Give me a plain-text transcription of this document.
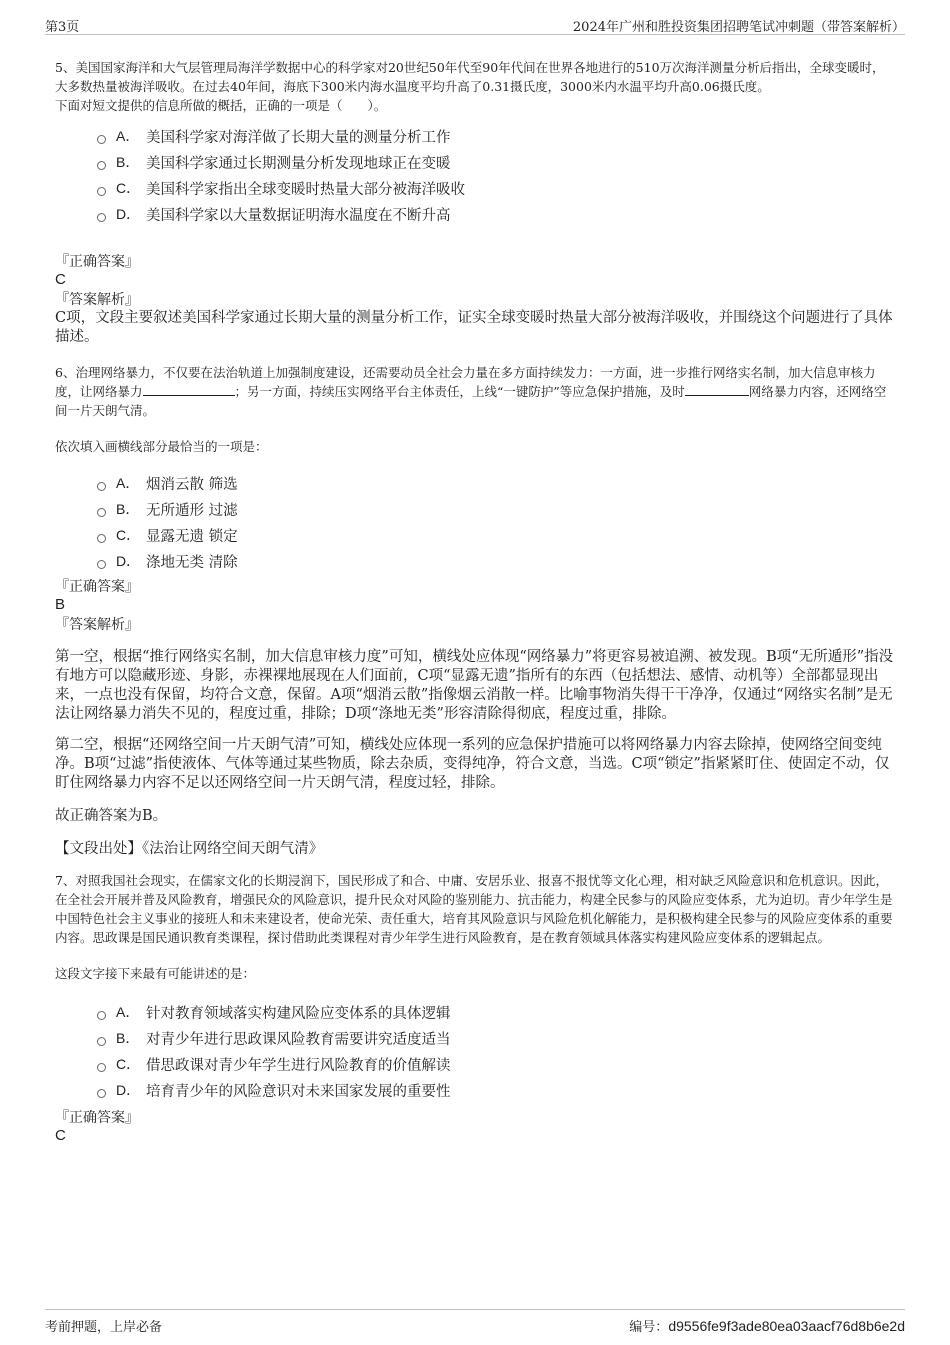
第3页	2024年广州和胜投资集团招聘笔试冲刺题（带答案解析）

5、美国国家海洋和大气层管理局海洋学数据中心的科学家对20世纪50年代至90年代间在世界各地进行的510万次海洋测量分析后指出，全球变暖时，大多数热量被海洋吸收。在过去40年间，海底下300米内海水温度平均升高了0.31摄氏度，3000米内水温平均升高0.06摄氏度。

下面对短文提供的信息所做的概括，正确的一项是（　　）。

A． 美国科学家对海洋做了长期大量的测量分析工作
B． 美国科学家通过长期测量分析发现地球正在变暖
C． 美国科学家指出全球变暖时热量大部分被海洋吸收
D． 美国科学家以大量数据证明海水温度在不断升高
『正确答案』
C
『答案解析』

C项，文段主要叙述美国科学家通过长期大量的测量分析工作，证实全球变暖时热量大部分被海洋吸收，并围绕这个问题进行了具体描述。

6、治理网络暴力，不仅要在法治轨道上加强制度建设，还需要动员全社会力量在多方面持续发力：一方面，进一步推行网络实名制，加大信息审核力度，让网络暴力	；另一方面，持续压实网络平台主体责任，上线“一键防护”等应急保护措施，及时	网络暴力内容，还网络空间一片天朗气清。

依次填入画横线部分最恰当的一项是：

A． 烟消云散 筛选
B． 无所遁形 过滤
C． 显露无遗 锁定
D． 涤地无类 清除
『正确答案』
B
『答案解析』

第一空，根据“推行网络实名制，加大信息审核力度”可知，横线处应体现“网络暴力”将更容易被追溯、被发现。B项“无所遁形”指没有地方可以隐藏形迹、身影，赤裸裸地展现在人们面前，C项“显露无遗”指所有的东西（包括想法、感情、动机等）全部都显现出来，一点也没有保留，均符合文意，保留。A项“烟消云散”指像烟云消散一样。比喻事物消失得干干净净，仅通过“网络实名制”是无法让网络暴力消失不见的，程度过重，排除；D项“涤地无类”形容清除得彻底，程度过重，排除。

第二空，根据“还网络空间一片天朗气清”可知，横线处应体现一系列的应急保护措施可以将网络暴力内容去除掉，使网络空间变纯净。B项“过滤”指使液体、气体等通过某些物质，除去杂质，变得纯净，符合文意，当选。C项“锁定”指紧紧盯住、使固定不动，仅盯住网络暴力内容不足以还网络空间一片天朗气清，程度过轻，排除。

故正确答案为B。

【文段出处】《法治让网络空间天朗气清》

7、对照我国社会现实，在儒家文化的长期浸润下，国民形成了和合、中庸、安居乐业、报喜不报忧等文化心理，相对缺乏风险意识和危机意识。因此，在全社会开展并普及风险教育，增强民众的风险意识，提升民众对风险的鉴别能力、抗击能力，构建全民参与的风险应变体系，尤为迫切。青少年学生是中国特色社会主义事业的接班人和未来建设者，使命光荣、责任重大，培育其风险意识与风险危机化解能力，是积极构建全民参与的风险应变体系的重要内容。思政课是国民通识教育类课程，探讨借助此类课程对青少年学生进行风险教育，是在教育领域具体落实构建风险应变体系的逻辑起点。

这段文字接下来最有可能讲述的是：

A． 针对教育领域落实构建风险应变体系的具体逻辑
B． 对青少年进行思政课风险教育需要讲究适度适当
C． 借思政课对青少年学生进行风险教育的价值解读
D． 培育青少年的风险意识对未来国家发展的重要性
『正确答案』
C
考前押题，上岸必备	编号：d9556fe9f3ade80ea03aacf76d8b6e2d
